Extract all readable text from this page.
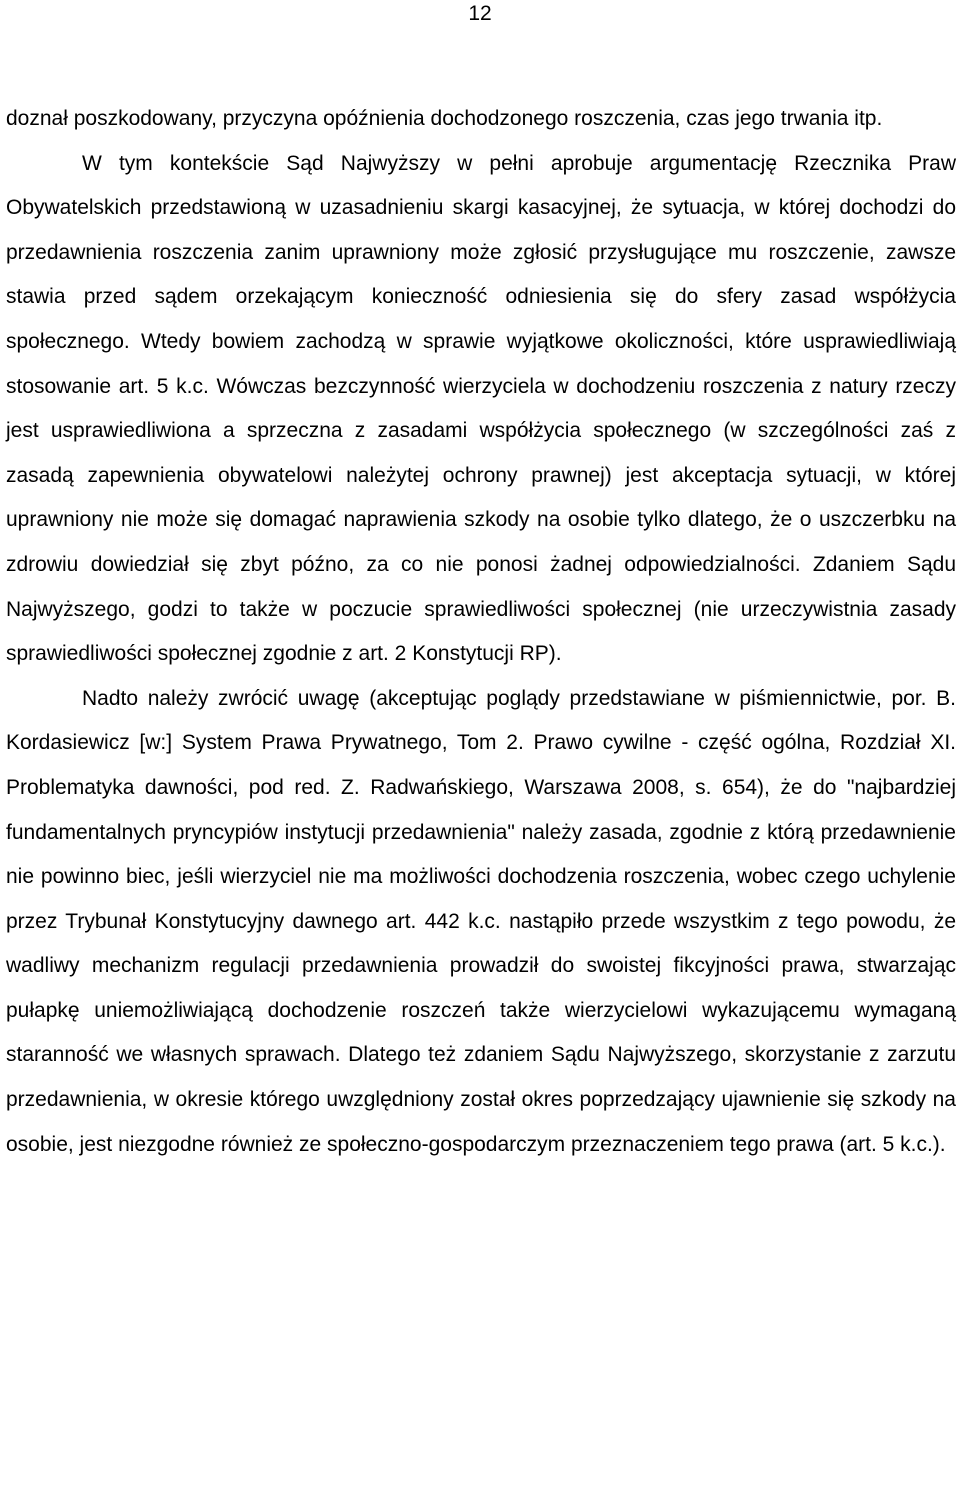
12

doznał poszkodowany, przyczyna opóźnienia dochodzonego roszczenia, czas jego trwania itp.

W tym kontekście Sąd Najwyższy w pełni aprobuje argumentację Rzecznika Praw Obywatelskich przedstawioną w uzasadnieniu skargi kasacyjnej, że sytuacja, w której dochodzi do przedawnienia roszczenia zanim uprawniony może zgłosić przysługujące mu roszczenie, zawsze stawia przed sądem orzekającym konieczność odniesienia się do sfery zasad współżycia społecznego. Wtedy bowiem zachodzą w sprawie wyjątkowe okoliczności, które usprawiedliwiają stosowanie art. 5 k.c. Wówczas bezczynność wierzyciela w dochodzeniu roszczenia z natury rzeczy jest usprawiedliwiona a sprzeczna z zasadami współżycia społecznego (w szczególności zaś z zasadą zapewnienia obywatelowi należytej ochrony prawnej) jest akceptacja sytuacji, w której uprawniony nie może się domagać naprawienia szkody na osobie tylko dlatego, że o uszczerbku na zdrowiu dowiedział się zbyt późno, za co nie ponosi żadnej odpowiedzialności. Zdaniem Sądu Najwyższego, godzi to także w poczucie sprawiedliwości społecznej (nie urzeczywistnia zasady sprawiedliwości społecznej zgodnie z art. 2 Konstytucji RP).

Nadto należy zwrócić uwagę (akceptując poglądy przedstawiane w piśmiennictwie, por. B. Kordasiewicz [w:] System Prawa Prywatnego, Tom 2. Prawo cywilne - część ogólna, Rozdział XI. Problematyka dawności, pod red. Z. Radwańskiego, Warszawa 2008, s. 654), że do "najbardziej fundamentalnych pryncypiów instytucji przedawnienia" należy zasada, zgodnie z którą przedawnienie nie powinno biec, jeśli wierzyciel nie ma możliwości dochodzenia roszczenia, wobec czego uchylenie przez Trybunał Konstytucyjny dawnego art. 442 k.c. nastąpiło przede wszystkim z tego powodu, że wadliwy mechanizm regulacji przedawnienia prowadził do swoistej fikcyjności prawa, stwarzając pułapkę uniemożliwiającą dochodzenie roszczeń także wierzycielowi wykazującemu wymaganą staranność we własnych sprawach. Dlatego też zdaniem Sądu Najwyższego, skorzystanie z zarzutu przedawnienia, w okresie którego uwzględniony został okres poprzedzający ujawnienie się szkody na osobie, jest niezgodne również ze społeczno-gospodarczym przeznaczeniem tego prawa (art. 5 k.c.).
